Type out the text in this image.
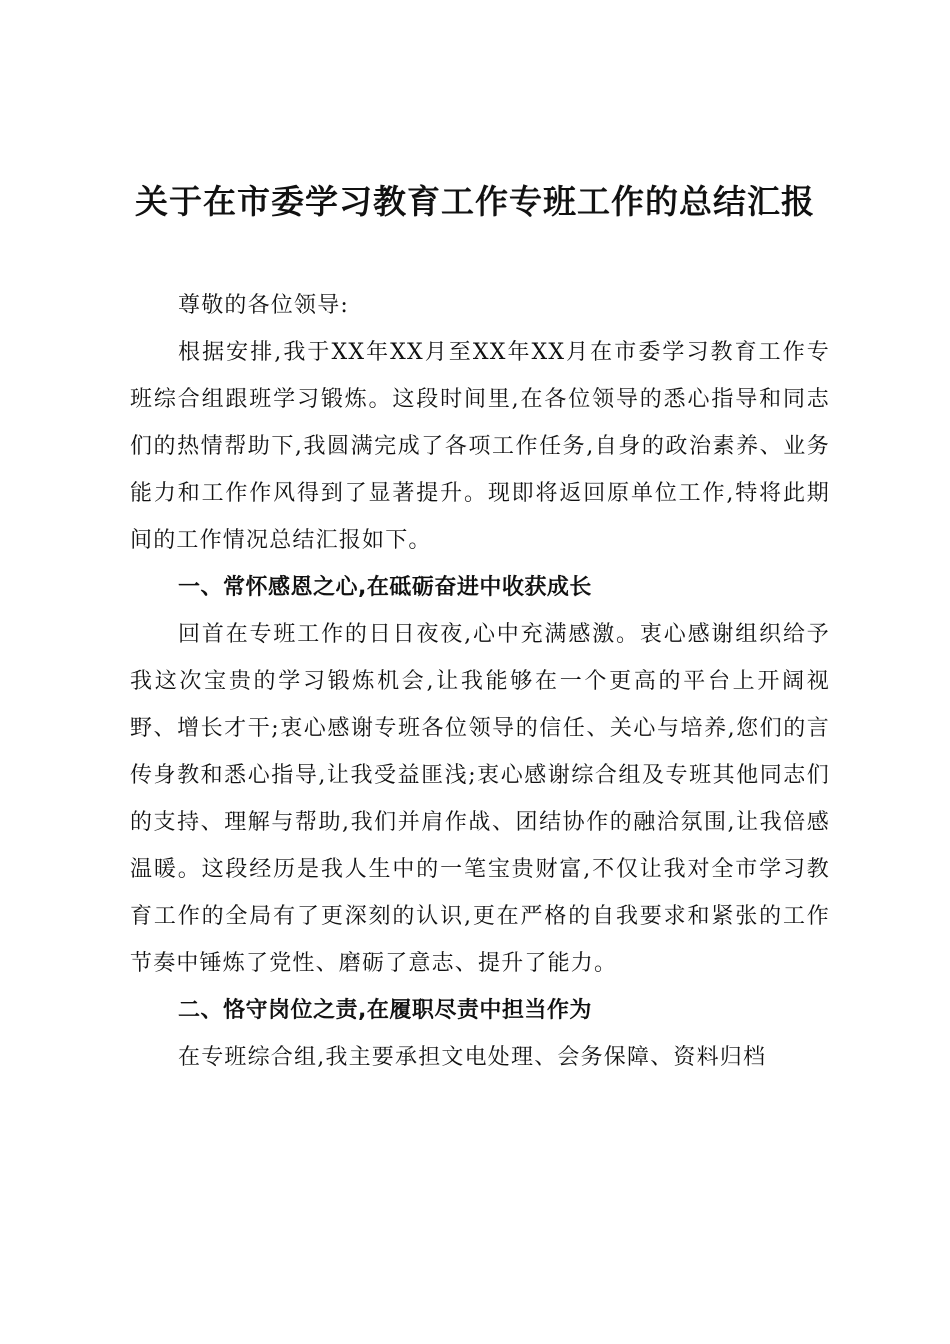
关于在市委学习教育工作专班工作的总结汇报

尊敬的各位领导:

根据安排,我于XX年XX月至XX年XX月在市委学习教育工作专班综合组跟班学习锻炼。这段时间里,在各位领导的悉心指导和同志们的热情帮助下,我圆满完成了各项工作任务,自身的政治素养、业务能力和工作作风得到了显著提升。现即将返回原单位工作,特将此期间的工作情况总结汇报如下。

一、常怀感恩之心,在砥砺奋进中收获成长

回首在专班工作的日日夜夜,心中充满感激。衷心感谢组织给予我这次宝贵的学习锻炼机会,让我能够在一个更高的平台上开阔视野、增长才干;衷心感谢专班各位领导的信任、关心与培养,您们的言传身教和悉心指导,让我受益匪浅;衷心感谢综合组及专班其他同志们的支持、理解与帮助,我们并肩作战、团结协作的融洽氛围,让我倍感温暖。这段经历是我人生中的一笔宝贵财富,不仅让我对全市学习教育工作的全局有了更深刻的认识,更在严格的自我要求和紧张的工作节奏中锤炼了党性、磨砺了意志、提升了能力。

二、恪守岗位之责,在履职尽责中担当作为

在专班综合组,我主要承担文电处理、会务保障、资料归档
